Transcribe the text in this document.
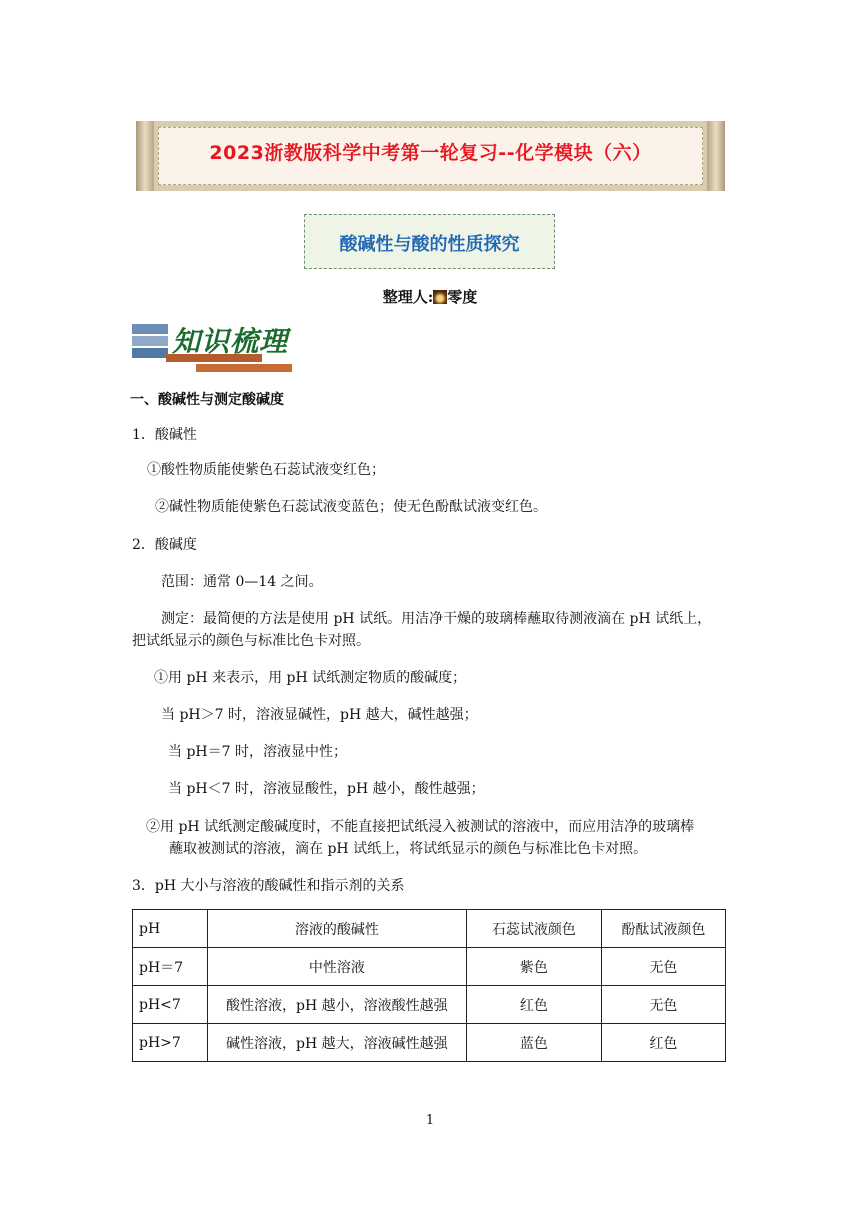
2023浙教版科学中考第一轮复习--化学模块（六）
酸碱性与酸的性质探究
整理人: 零度
知识梳理
一、酸碱性与测定酸碱度
1．酸碱性
①酸性物质能使紫色石蕊试液变红色；
②碱性物质能使紫色石蕊试液变蓝色；使无色酚酞试液变红色。
2．酸碱度
范围：通常 0—14 之间。
测定：最简便的方法是使用 pH 试纸。用洁净干燥的玻璃棒蘸取待测液滴在 pH 试纸上，
把试纸显示的颜色与标准比色卡对照。
①用 pH 来表示，用 pH 试纸测定物质的酸碱度；
当 pH＞7 时，溶液显碱性，pH 越大，碱性越强；
当 pH＝7 时，溶液显中性；
当 pH＜7 时，溶液显酸性，pH 越小，酸性越强；
②用 pH 试纸测定酸碱度时，不能直接把试纸浸入被测试的溶液中，而应用洁净的玻璃棒
蘸取被测试的溶液，滴在 pH 试纸上，将试纸显示的颜色与标准比色卡对照。
3．pH 大小与溶液的酸碱性和指示剂的关系
pH	溶液的酸碱性	石蕊试液颜色	酚酞试液颜色
pH＝7	中性溶液	紫色	无色
pH<7	酸性溶液，pH 越小，溶液酸性越强	红色	无色
pH>7	碱性溶液，pH 越大，溶液碱性越强	蓝色	红色
1
